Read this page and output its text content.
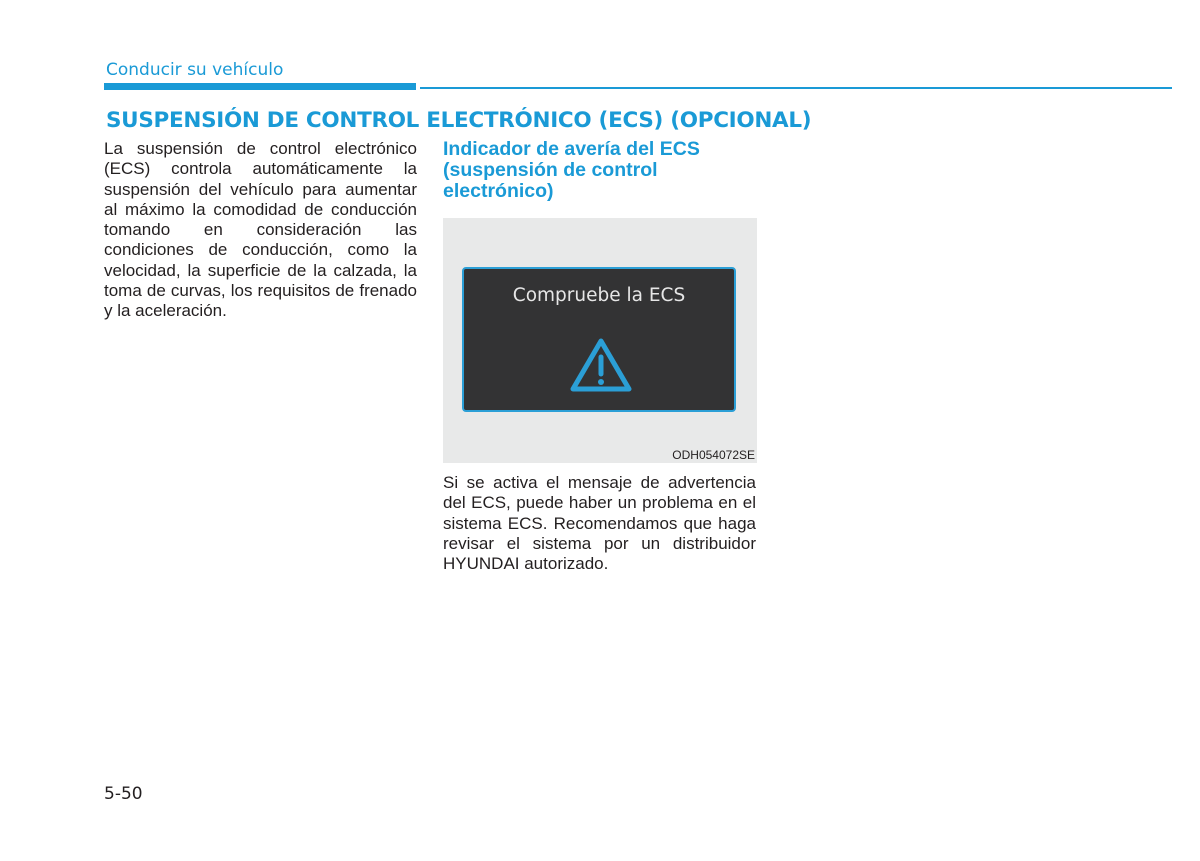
Conducir su vehículo
SUSPENSIÓN DE CONTROL ELECTRÓNICO (ECS) (OPCIONAL)

La suspensión de control electrónico (ECS) controla automáticamente la suspensión del vehículo para aumentar al máximo la comodidad de conducción tomando en consideración las condiciones de conducción, como la velocidad, la superficie de la calzada, la toma de curvas, los requisitos de frenado y la aceleración.

Indicador de avería del ECS (suspensión de control electrónico)
Compruebe la ECS
ODH054072SE

Si se activa el mensaje de advertencia del ECS, puede haber un problema en el sistema ECS. Recomendamos que haga revisar el sistema por un distribuidor HYUNDAI autorizado.

5-50
